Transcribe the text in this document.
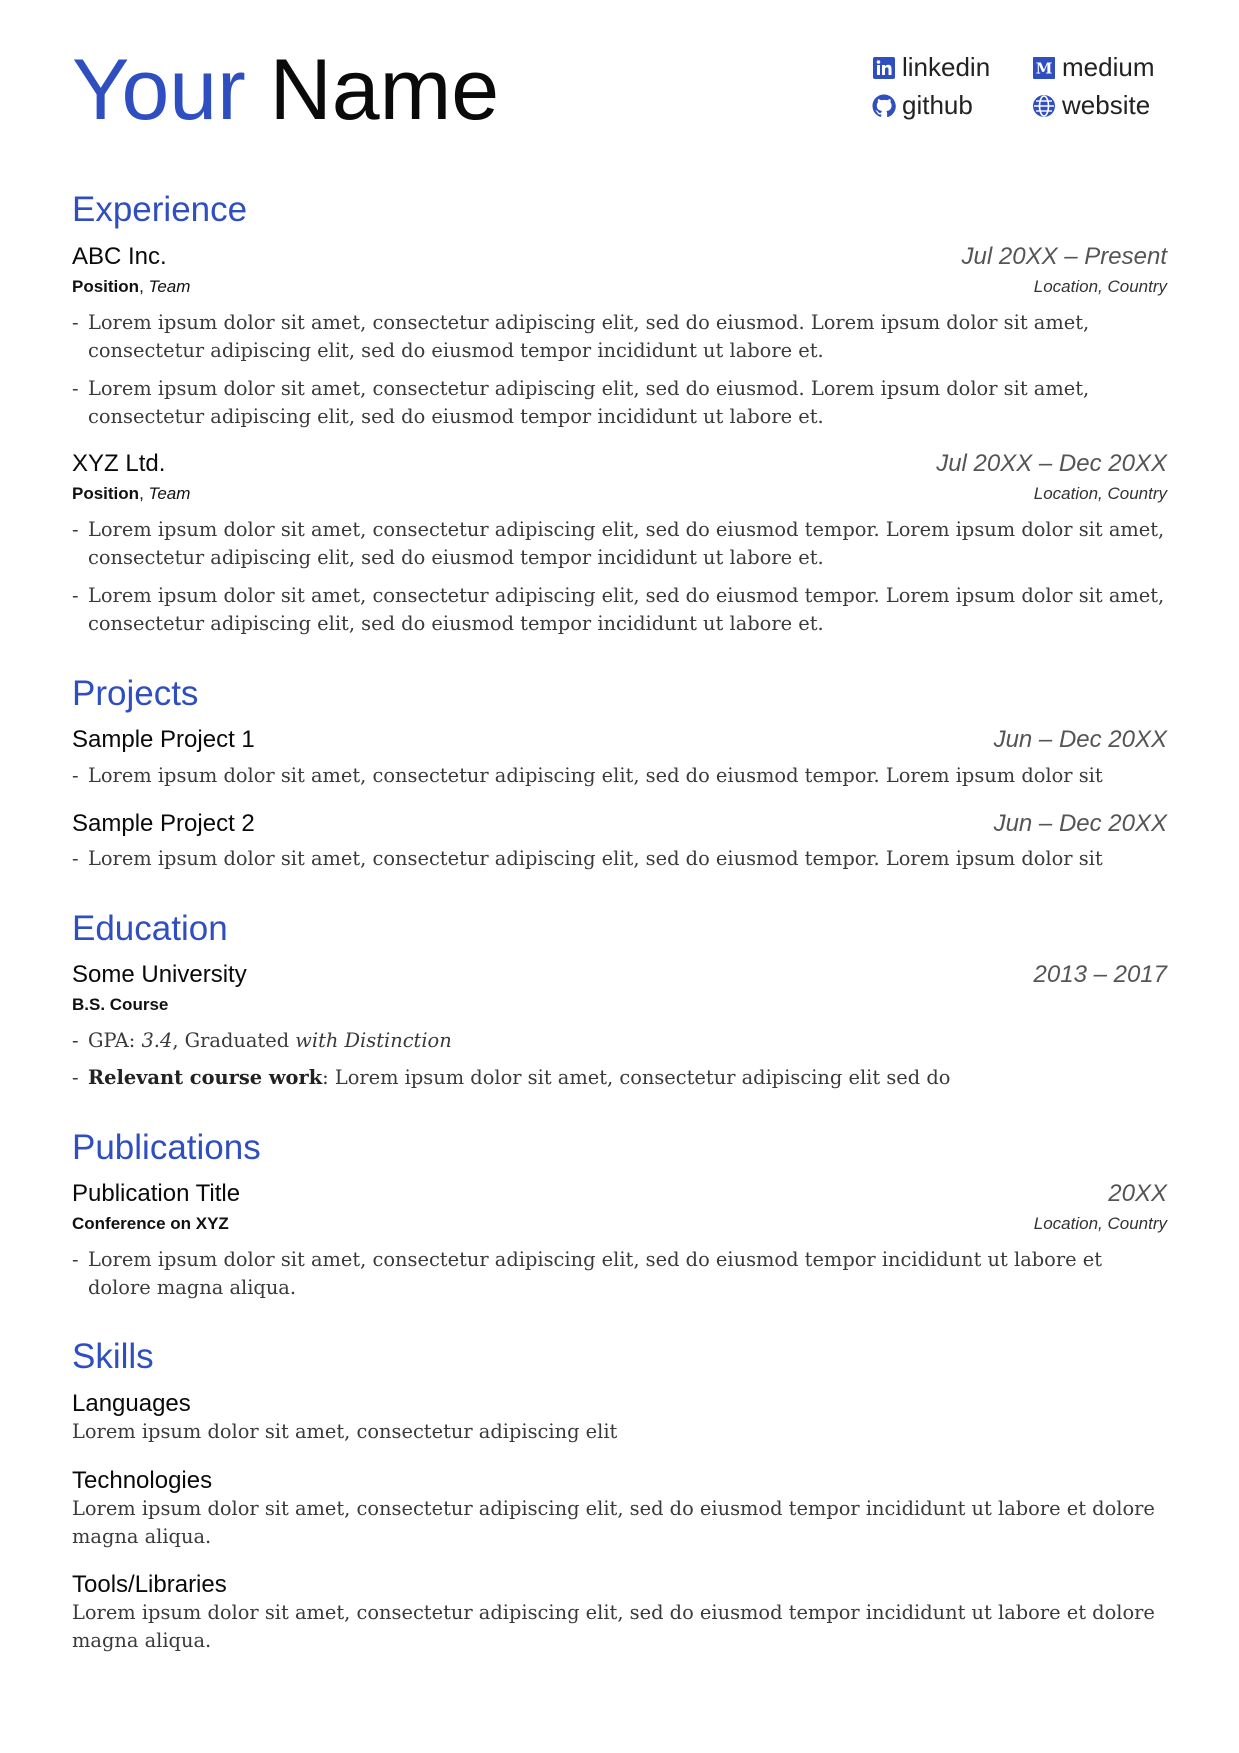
Your Name	linkedin	M medium
github	website
Experience
ABC Inc.	Jul 20XX – Present
Position, Team	Location, Country
- Lorem ipsum dolor sit amet, consectetur adipiscing elit, sed do eiusmod. Lorem ipsum dolor sit amet, consectetur adipiscing elit, sed do eiusmod tempor incididunt ut labore et.
- Lorem ipsum dolor sit amet, consectetur adipiscing elit, sed do eiusmod. Lorem ipsum dolor sit amet, consectetur adipiscing elit, sed do eiusmod tempor incididunt ut labore et.
XYZ Ltd.	Jul 20XX – Dec 20XX
Position, Team	Location, Country
- Lorem ipsum dolor sit amet, consectetur adipiscing elit, sed do eiusmod tempor. Lorem ipsum dolor sit amet, consectetur adipiscing elit, sed do eiusmod tempor incididunt ut labore et.
- Lorem ipsum dolor sit amet, consectetur adipiscing elit, sed do eiusmod tempor. Lorem ipsum dolor sit amet, consectetur adipiscing elit, sed do eiusmod tempor incididunt ut labore et.
Projects
Sample Project 1	Jun – Dec 20XX
- Lorem ipsum dolor sit amet, consectetur adipiscing elit, sed do eiusmod tempor. Lorem ipsum dolor sit
Sample Project 2	Jun – Dec 20XX
- Lorem ipsum dolor sit amet, consectetur adipiscing elit, sed do eiusmod tempor. Lorem ipsum dolor sit
Education
Some University	2013 – 2017
B.S. Course
- GPA: 3.4, Graduated with Distinction
- Relevant course work: Lorem ipsum dolor sit amet, consectetur adipiscing elit sed do
Publications
Publication Title	20XX
Conference on XYZ	Location, Country
- Lorem ipsum dolor sit amet, consectetur adipiscing elit, sed do eiusmod tempor incididunt ut labore et dolore magna aliqua.
Skills
Languages
Lorem ipsum dolor sit amet, consectetur adipiscing elit
Technologies
Lorem ipsum dolor sit amet, consectetur adipiscing elit, sed do eiusmod tempor incididunt ut labore et dolore magna aliqua.
Tools/Libraries
Lorem ipsum dolor sit amet, consectetur adipiscing elit, sed do eiusmod tempor incididunt ut labore et dolore magna aliqua.
